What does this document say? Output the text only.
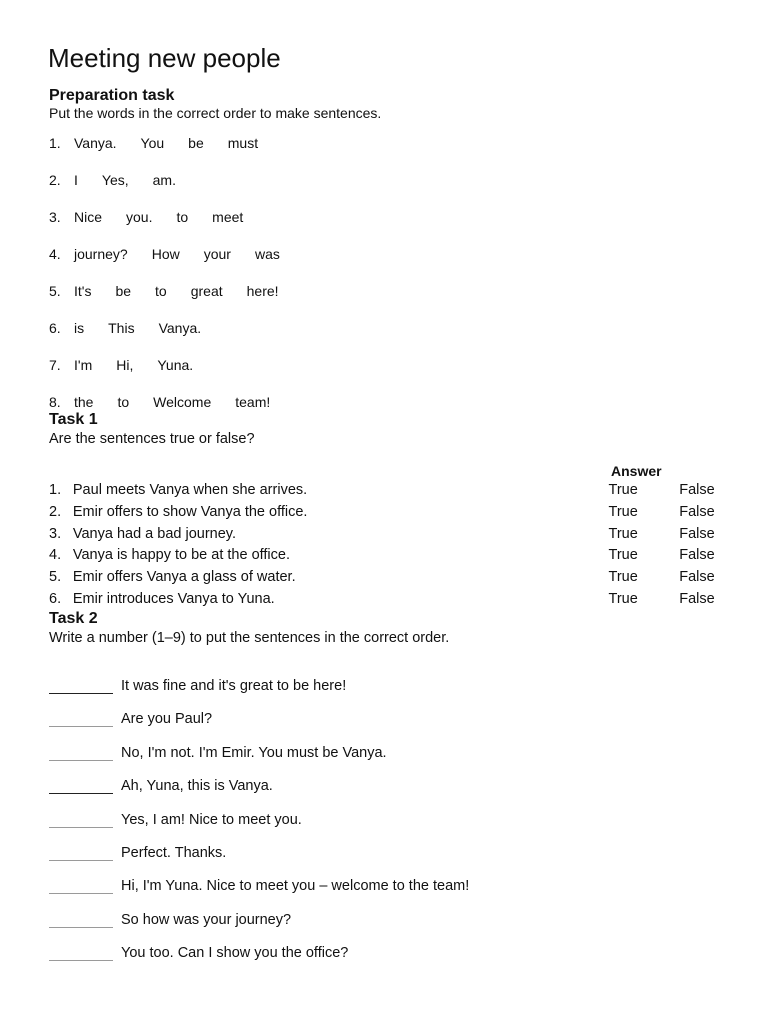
Meeting new people
Preparation task

Put the words in the correct order to make sentences.

1. Vanya. You be must
2. I Yes, am.
3. Nice you. to meet
4. journey? How your was
5. It's be to great here!
6. is This Vanya.
7. I'm Hi, Yuna.
8. the to Welcome team!
Task 1

Are the sentences true or false?

Answer
1. Paul meets Vanya when she arrives.	True	False
2. Emir offers to show Vanya the office.	True	False
3. Vanya had a bad journey.	True	False
4. Vanya is happy to be at the office.	True	False
5. Emir offers Vanya a glass of water.	True	False
6. Emir introduces Vanya to Yuna.	True	False
Task 2

Write a number (1–9) to put the sentences in the correct order.

It was fine and it's great to be here!
Are you Paul?
No, I'm not. I'm Emir. You must be Vanya.
Ah, Yuna, this is Vanya.
Yes, I am! Nice to meet you.
Perfect. Thanks.
Hi, I'm Yuna. Nice to meet you – welcome to the team!
So how was your journey?
You too. Can I show you the office?
